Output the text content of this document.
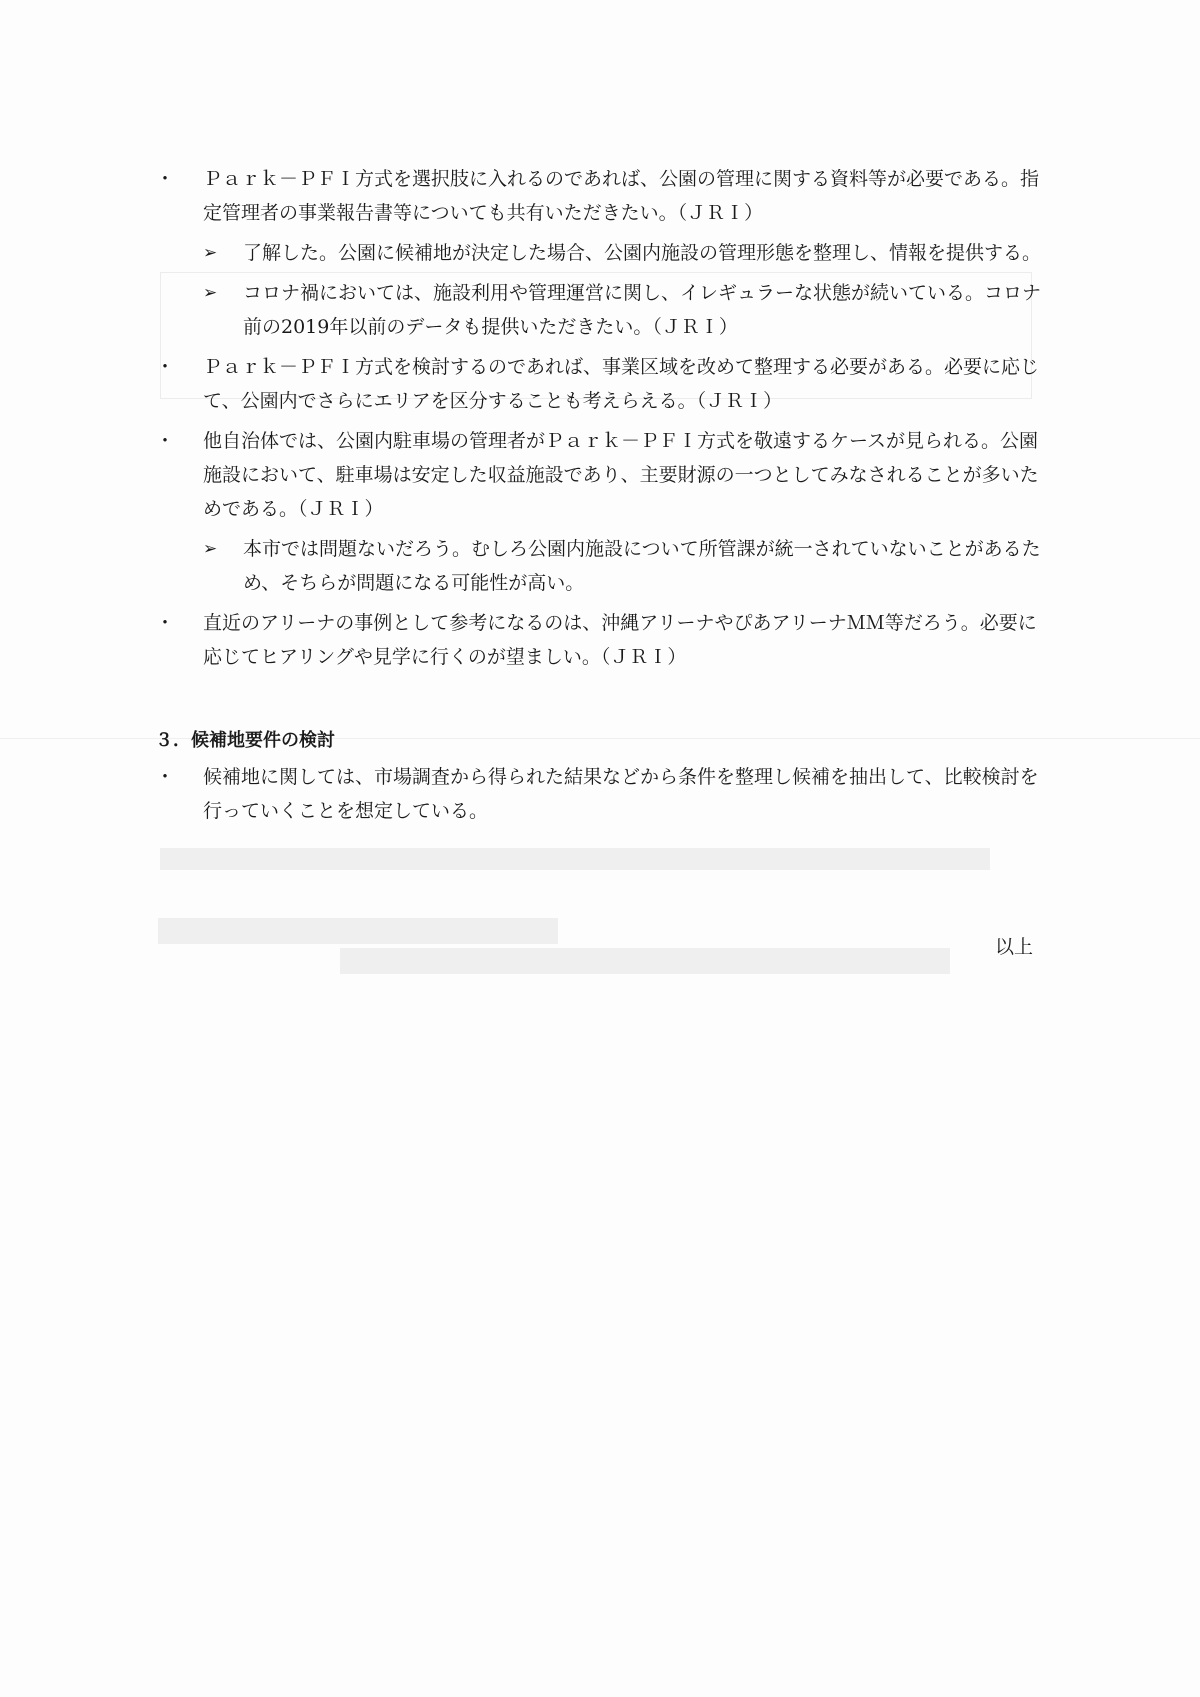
・ Ｐａｒｋ－ＰＦＩ方式を選択肢に入れるのであれば、公園の管理に関する資料等が必要である。指定管理者の事業報告書等についても共有いただきたい。（ＪＲＩ）
➢ 了解した。公園に候補地が決定した場合、公園内施設の管理形態を整理し、情報を提供する。
➢ コロナ禍においては、施設利用や管理運営に関し、イレギュラーな状態が続いている。コロナ前の2019年以前のデータも提供いただきたい。（ＪＲＩ）
・ Ｐａｒｋ－ＰＦＩ方式を検討するのであれば、事業区域を改めて整理する必要がある。必要に応じて、公園内でさらにエリアを区分することも考えらえる。（ＪＲＩ）
・ 他自治体では、公園内駐車場の管理者がＰａｒｋ－ＰＦＩ方式を敬遠するケースが見られる。公園施設において、駐車場は安定した収益施設であり、主要財源の一つとしてみなされることが多いためである。（ＪＲＩ）
➢ 本市では問題ないだろう。むしろ公園内施設について所管課が統一されていないことがあるため、そちらが問題になる可能性が高い。
・ 直近のアリーナの事例として参考になるのは、沖縄アリーナやぴあアリーナＭＭ等だろう。必要に応じてヒアリングや見学に行くのが望ましい。（ＪＲＩ）
３．候補地要件の検討
・ 候補地に関しては、市場調査から得られた結果などから条件を整理し候補を抽出して、比較検討を行っていくことを想定している。
以上
